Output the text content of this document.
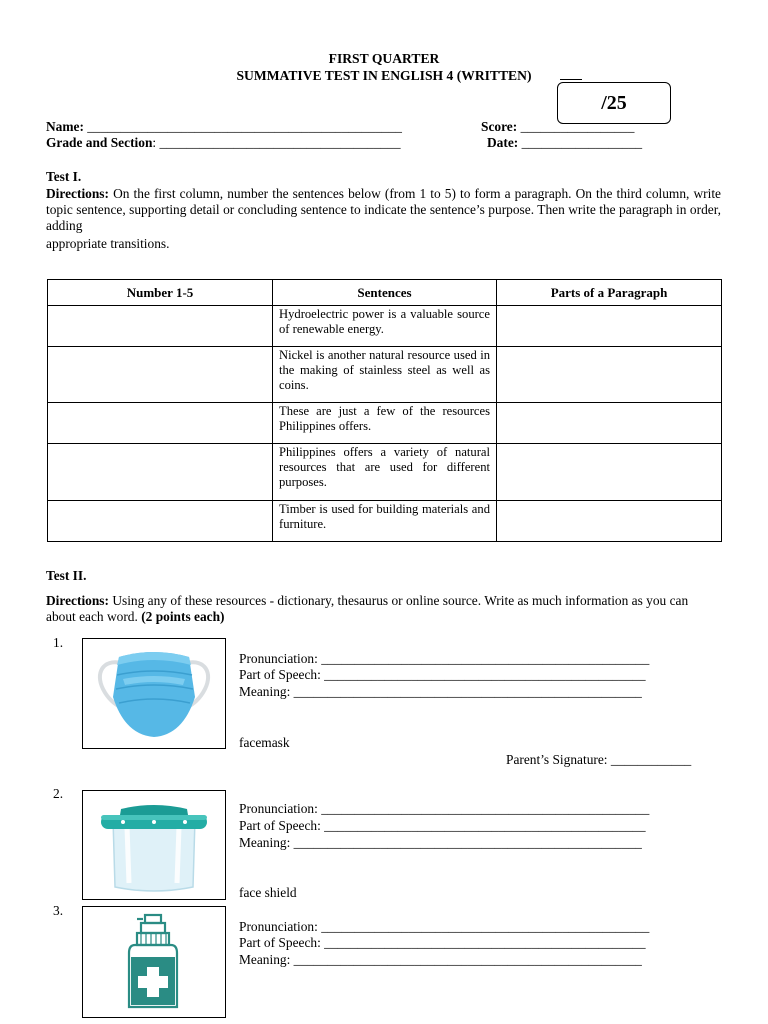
FIRST QUARTER
SUMMATIVE TEST IN ENGLISH 4 (WRITTEN)
/25
Name: _______________________________________________	Score: _________________
Grade and Section: ____________________________________	Date: __________________
Test I.
Directions: On the first column, number the sentences below (from 1 to 5) to form a paragraph. On the third column, write topic sentence, supporting detail or concluding sentence to indicate the sentence’s purpose. Then write the paragraph in order, adding
appropriate transitions.
Number 1-5	Sentences	Parts of a Paragraph
	Hydroelectric power is a valuable source of renewable energy.	
	Nickel is another natural resource used in the making of stainless steel as well as coins.	
	These are just a few of the resources Philippines offers.	
	Philippines offers a variety of natural resources that are used for different purposes.	
	Timber is used for building materials and furniture.	
Test II.
Directions: Using any of these resources - dictionary, thesaurus or online source. Write as much information as you can about each word. (2 points each)
1.
Pronunciation: _________________________________________________
Part of Speech: ________________________________________________
Meaning: ____________________________________________________
facemask
Parent’s Signature: ____________
2.
Pronunciation: _________________________________________________
Part of Speech: ________________________________________________
Meaning: ____________________________________________________
face shield
3.
Pronunciation: _________________________________________________
Part of Speech: ________________________________________________
Meaning: ____________________________________________________
